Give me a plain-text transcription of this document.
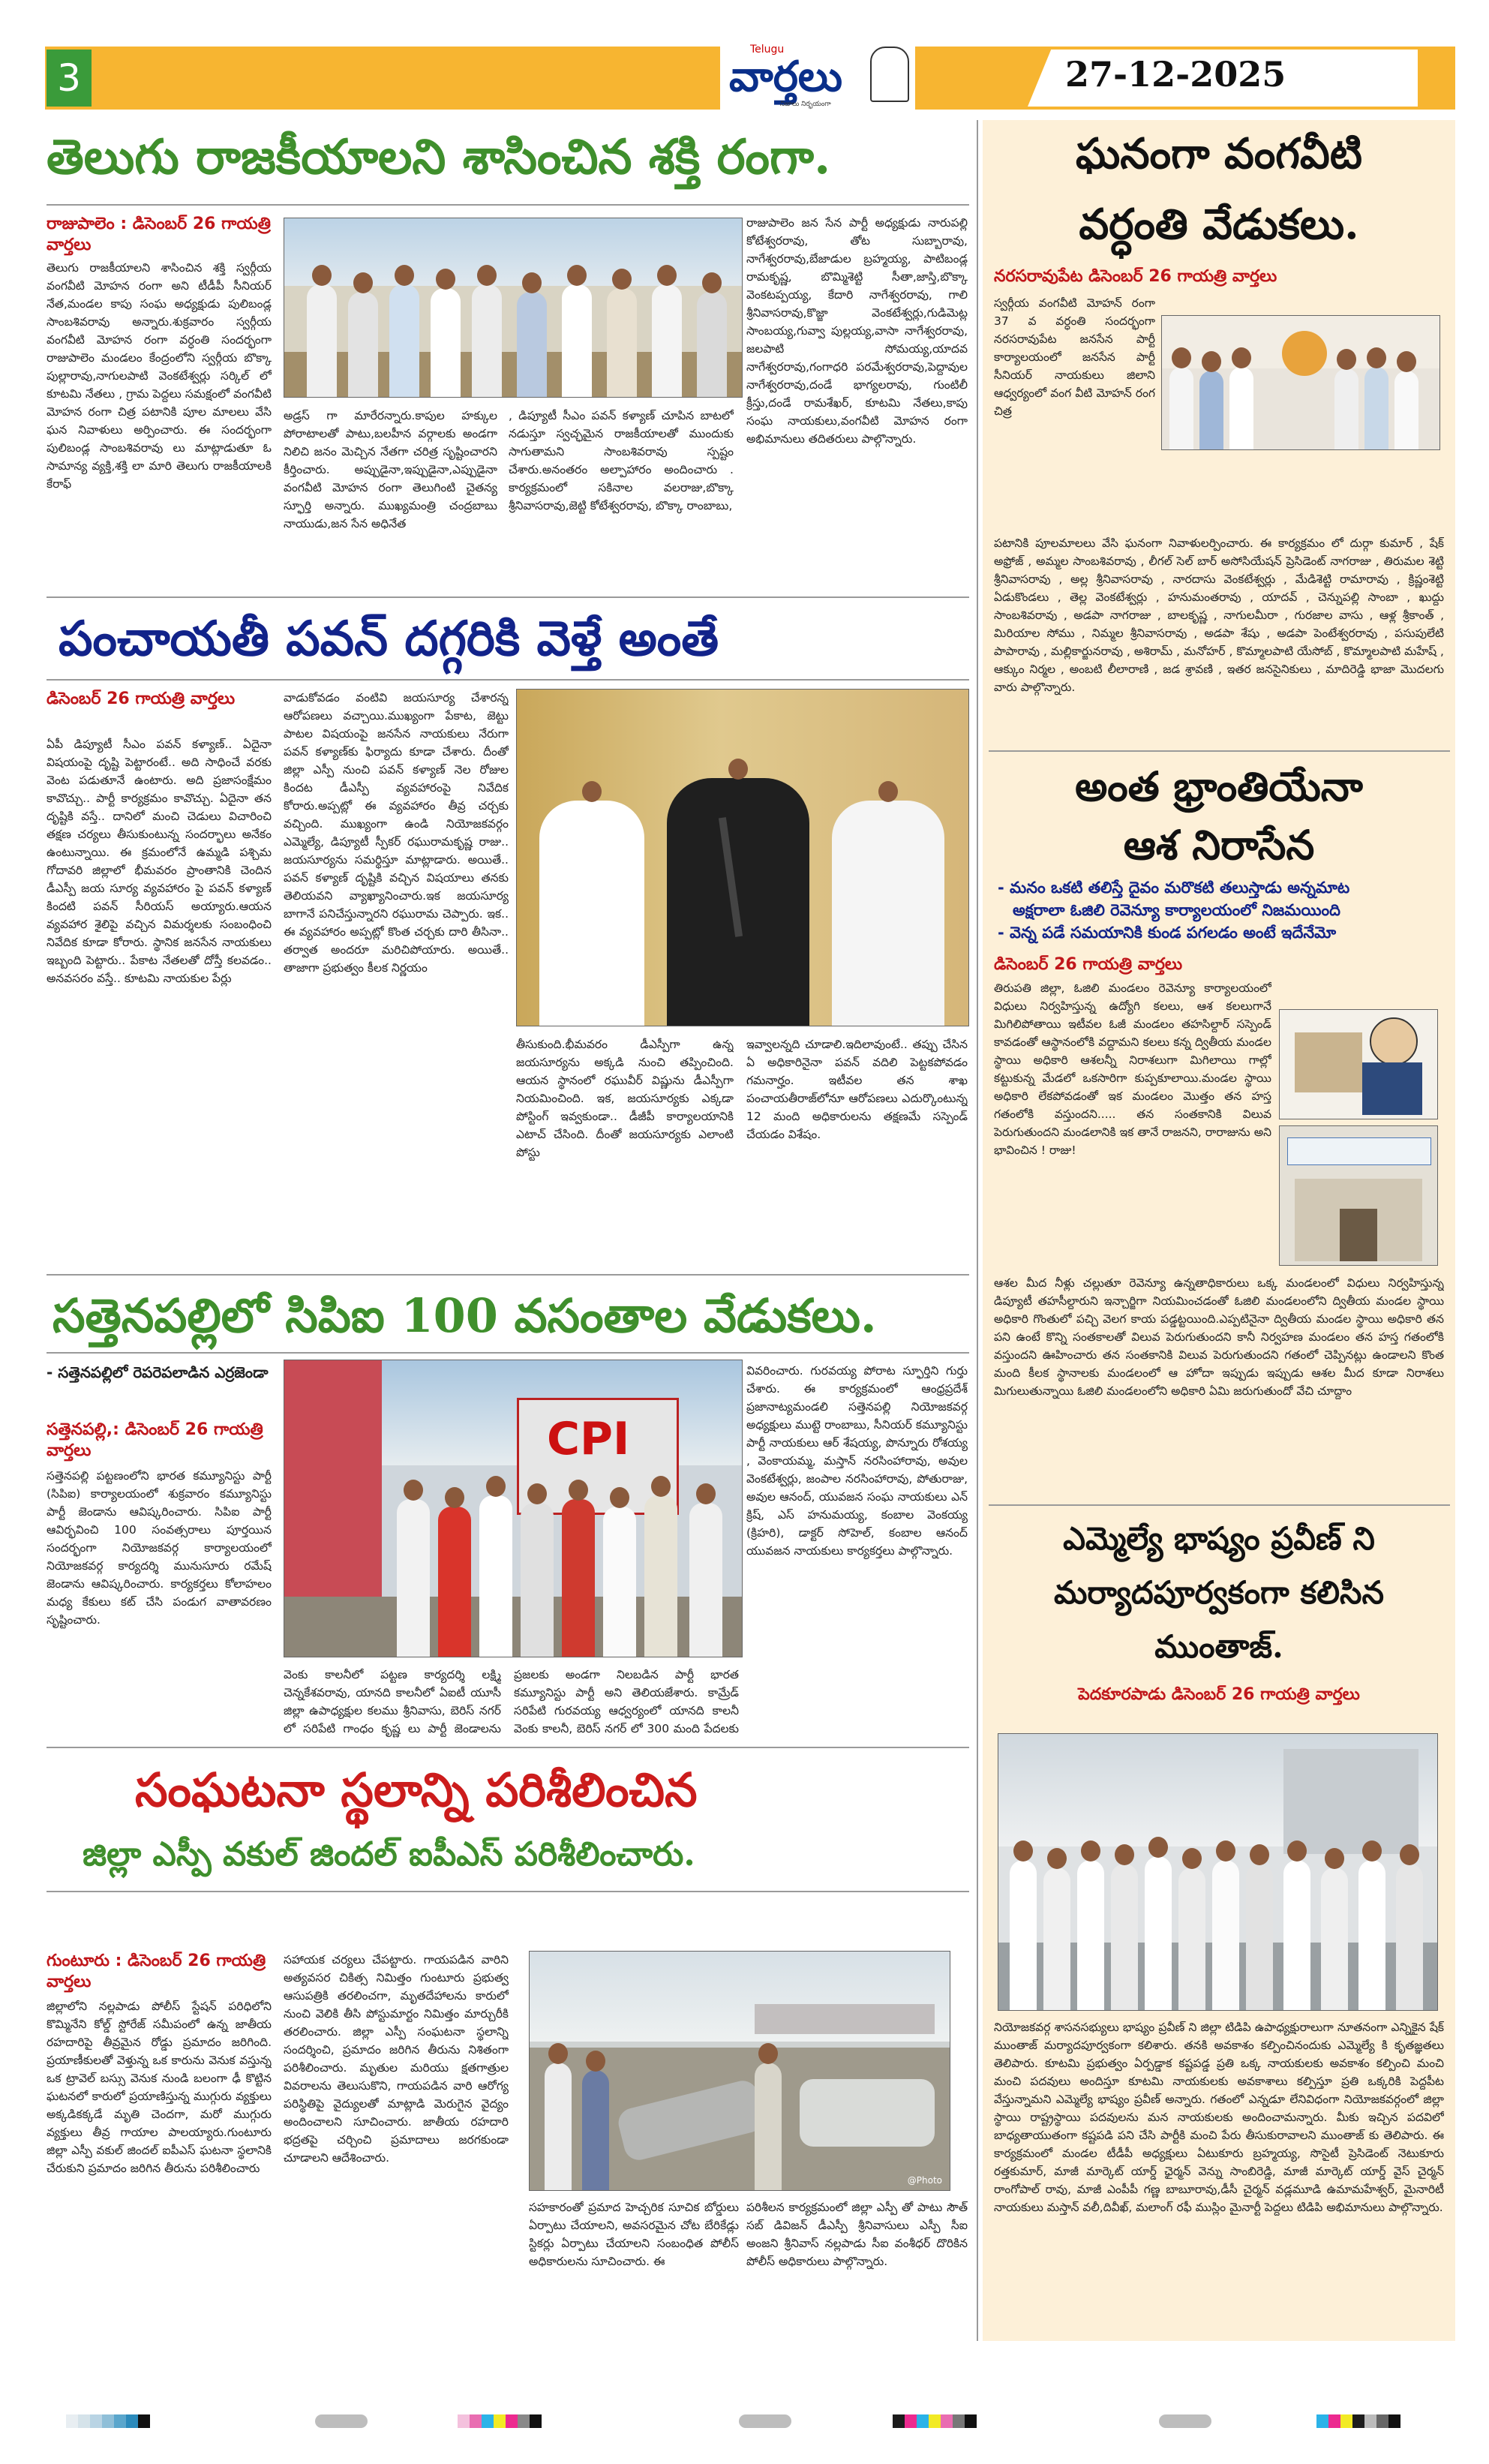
3
Telugu
వార్తలు
నిజాలు నిర్భయంగా
27-12-2025
తెలుగు రాజకీయాలని శాసించిన శక్తి రంగా.
రాజుపాలెం : డిసెంబర్ 26 గాయత్రి వార్తలు
తెలుగు రాజకీయాలని శాసించిన శక్తి స్వర్గీయ వంగవీటి మోహన రంగా అని టీడీపీ సీనియర్ నేత,మండల కాపు సంఘ అధ్యక్షుడు పులిబండ్ల సాంబశివరావు అన్నారు.శుక్రవారం స్వర్గీయ వంగవీటి మోహన రంగా వర్ధంతి సందర్భంగా రాజుపాలెం మండలం కేంద్రంలోని స్వర్గీయ బొక్కా పుల్లారావు,నాగులపాటి వెంకటేశ్వర్లు సర్కిల్ లో కూటమి నేతలు , గ్రామ పెద్దలు సమక్షంలో వంగవీటి మోహన రంగా చిత్ర పటానికి పూల మాలలు వేసి ఘన నివాళులు అర్పించారు. ఈ సందర్భంగా పులిబండ్ల సాంబశివరావు లు మాట్లాడుతూ ఓ సామాన్య వ్యక్తి,శక్తి లా మారి తెలుగు రాజకీయాలకి కేరాఫ్
అడ్రస్ గా మారేరన్నారు.కాపుల హక్కుల పోరాటాలతో పాటు,బలహీన వర్గాలకు అండగా నిలిచి జనం మెచ్చిన నేతగా చరిత్ర సృష్టించారని కీర్తించారు. అప్పుడైనా,ఇప్పుడైనా,ఎప్పుడైనా వంగవీటి మోహన రంగా తెలుగింటి చైతన్య స్ఫూర్తి అన్నారు. ముఖ్యమంత్రి చంద్రబాబు నాయుడు,జన సేన అధినేత
, డిప్యూటీ సీఎం పవన్ కళ్యాణ్ చూపిన బాటలో నడుస్తూ స్వచ్ఛమైన రాజకీయాలతో ముందుకు సాగుతామని సాంబశివరావు స్పష్టం చేశారు.అనంతరం అల్పాహారం అందించారు . కార్యక్రమంలో సకినాల వలరాజు,బొక్కా శ్రీనివాసరావు,జెట్టి కోటేశ్వరరావు, బొక్కా రాంబాబు,
రాజుపాలెం జన సేన పార్టీ అధ్యక్షుడు నారుపల్లి కోటేశ్వరరావు, తోట సుబ్బారావు, నాగేశ్వరరావు,బేజాడుల బ్రహ్మయ్య, పాటిబండ్ల రామకృష్ణ, బొమ్మిశెట్టి సీతా,జాస్తి,బొక్కా వెంకటప్పయ్య, కేదారి నాగేశ్వరరావు, గాలి శ్రీనివాసరావు,కొజ్జా వెంకటేశ్వర్లు,గుడిమెట్ల సాంబయ్య,గువ్వా పుల్లయ్య,వాసా నాగేశ్వరరావు, జలపాటి సోమయ్య,యాదవ నాగేశ్వరరావు,గంగాధరి పరమేశ్వరరావు,పెద్దావుల నాగేశ్వరరావు,దండే భాగ్యలరావు, గుంటిలీ క్రీస్తు,దండే రామశేఖర్, కూటమి నేతలు,కాపు సంఘ నాయకులు,వంగవీటి మోహన రంగా అభిమానులు తదితరులు పాల్గొన్నారు.
పంచాయతీ పవన్ దగ్గరికి వెళ్తే అంతే
డిసెంబర్ 26 గాయత్రి వార్తలు
ఏపీ డిప్యూటీ సీఎం పవన్ కళ్యాణ్.. ఏదైనా విషయంపై దృష్టి పెట్టారంటే.. అది సాధించే వరకు వెంట పడుతూనే ఉంటారు. అది ప్రజాసంక్షేమం కావొచ్చు.. పార్టీ కార్యక్రమం కావొచ్చు. ఏదైనా తన దృష్టికి వస్తే.. దానిలో మంచి చెడులు విచారించి తక్షణ చర్యలు తీసుకుంటున్న సందర్భాలు అనేకం ఉంటున్నాయి. ఈ క్రమంలోనే ఉమ్మడి పశ్చిమ గోదావరి జిల్లాలో భీమవరం ప్రాంతానికి చెందిన డీఎస్పీ జయ సూర్య వ్యవహారం పై పవన్ కళ్యాణ్ కిందటి పవన్ సీరియస్ అయ్యారు.ఆయన వ్యవహార శైలిపై వచ్చిన విమర్శలకు సంబంధించి నివేదిక కూడా కోరారు. స్థానిక జనసేన నాయకులు ఇబ్బంది పెట్టారు.. పేకాట నేతలతో దోస్తీ కలవడం.. అనవసరం వస్తే.. కూటమి నాయకుల పేర్లు
వాడుకోవడం వంటివి జయసూర్య చేశారన్న ఆరోపణలు వచ్చాయి.ముఖ్యంగా పేకాట, జెట్టు పాటల విషయంపై జనసేన నాయకులు నేరుగా పవన్ కళ్యాణ్‌కు ఫిర్యాదు కూడా చేశారు. దీంతో జిల్లా ఎస్పీ నుంచి పవన్ కళ్యాణ్ నెల రోజుల కిందట డీఎస్పీ వ్యవహారంపై నివేదిక కోరారు.అప్పట్లో ఈ వ్యవహారం తీవ్ర చర్చకు వచ్చింది. ముఖ్యంగా ఉండి నియోజకవర్గం ఎమ్మెల్యే, డిప్యూటీ స్పీకర్ రఘురామకృష్ణ రాజు.. జయసూర్యను సమర్థిస్తూ మాట్లాడారు. అయితే.. పవన్ కళ్యాణ్ దృష్టికి వచ్చిన విషయాలు తనకు తెలియవని వ్యాఖ్యానించారు.ఇక జయసూర్య బాగానే పనిచేస్తున్నారని రఘురామ చెప్పారు. ఇక.. ఈ వ్యవహారం అప్పట్లో కొంత చర్చకు దారి తీసినా.. తర్వాత అందరూ మరిచిపోయారు. అయితే.. తాజాగా ప్రభుత్వం కీలక నిర్ణయం
తీసుకుంది.భీమవరం డీఎస్పీగా ఉన్న జయసూర్యను అక్కడి నుంచి తప్పించింది. ఆయన స్థానంలో రఘువీర్ విష్ణును డీఎస్పీగా నియమించింది. ఇక, జయసూర్యకు ఎక్కడా పోస్టింగ్ ఇవ్వకుండా.. డీజీపీ కార్యాలయానికి ఎటాచ్ చేసింది. దీంతో జయసూర్యకు ఎలాంటి పోస్టు
ఇవ్వాలన్నది చూడాలి.ఇదిలావుంటే.. తప్పు చేసిన ఏ అధికారినైనా పవన్ వదిలి పెట్టకపోవడం గమనార్హం. ఇటీవల తన శాఖ పంచాయతీరాజ్‌లోనూ ఆరోపణలు ఎదుర్కొంటున్న 12 మంది అధికారులను తక్షణమే సస్పెండ్ చేయడం విశేషం.
సత్తెనపల్లిలో సిపిఐ 100 వసంతాల వేడుకలు.
- సత్తెనపల్లిలో రెపరెపలాడిన ఎర్రజెండా
సత్తెనపల్లి,: డిసెంబర్ 26 గాయత్రి వార్తలు
సత్తెనపల్లి పట్టణంలోని భారత కమ్యూనిస్టు పార్టీ (సిపిఐ) కార్యాలయంలో శుక్రవారం కమ్యూనిస్టు పార్టీ జెండాను ఆవిష్కరించారు. సిపిఐ పార్టీ ఆవిర్భవించి 100 సంవత్సరాలు పూర్తయిన సందర్భంగా నియోజకవర్గ కార్యాలయంలో నియోజకవర్గ కార్యదర్శి మునుసూరు రమేష్ జెండాను ఆవిష్కరించారు. కార్యకర్తలు కోలాహలం మధ్య కేకులు కట్ చేసి పండుగ వాతావరణం సృష్టించారు.
CPI
వెంకు కాలనీలో పట్టణ కార్యదర్శి లక్ష్మి చెన్నకేశవరావు, యానది కాలనీలో ఏఐటీ యూసీ జిల్లా ఉపాధ్యక్షుల కలము శ్రీనివాసు, బెరిస్ నగర్ లో సరిపేటి గాంధం కృష్ణ లు పార్టీ జెండాలను
ప్రజలకు అండగా నిలబడిన పార్టీ భారత కమ్యూనిస్టు పార్టీ అని తెలియజేశారు. కామ్రేడ్ సరిపేటి గురవయ్య ఆధ్వర్యంలో యానది కాలనీ వెంకు కాలనీ, బెరిస్ నగర్ లో 300 మంది పేదలకు
వివరించారు. గురవయ్య పోరాట స్ఫూర్తిని గుర్తు చేశారు. ఈ కార్యక్రమంలో ఆంధ్రప్రదేశ్ ప్రజానాట్యమండలి సత్తెనపల్లి నియోజకవర్గ అధ్యక్షులు ముట్టె రాంబాబు, సీనియర్ కమ్యూనిస్టు పార్టీ నాయకులు ఆర్ శేషయ్య, పొన్నూరు రోశయ్య , వెంకాయమ్మ, మస్తాన్ నరసింహారావు, అవుల వెంకటేశ్వర్లు, జంపాల నరసింహారావు, పోతురాజు, అవుల ఆనంద్, యువజన సంఘ నాయకులు ఎన్ క్రిష్, ఎస్ హనుమయ్య, కంబాల వెంకయ్య (క్రిహరి), డాక్టర్ సోహెల్, కంబాల ఆనంద్ యువజన నాయకులు కార్యకర్తలు పాల్గొన్నారు.
సంఘటనా స్థలాన్ని పరిశీలించిన
జిల్లా ఎస్పీ వకుల్ జిందల్ ఐపీఎస్ పరిశీలించారు.
గుంటూరు : డిసెంబర్ 26 గాయత్రి వార్తలు
జిల్లాలోని నల్లపాడు పోలీస్ స్టేషన్ పరిధిలోని కొమ్మినేని కోల్డ్ స్టోరేజ్ సమీపంలో ఉన్న జాతీయ రహదారిపై తీవ్రమైన రోడ్డు ప్రమాదం జరిగింది. ప్రయాణీకులతో వెళ్తున్న ఒక కారును వెనుక వస్తున్న ఒక ట్రావెల్ బస్సు వెనుక నుండి బలంగా ఢీ కొట్టిన ఘటనలో కారులో ప్రయాణిస్తున్న ముగ్గురు వ్యక్తులు అక్కడికక్కడే మృతి చెందగా, మరో ముగ్గురు వ్యక్తులు తీవ్ర గాయాల పాలయ్యారు.గుంటూరు జిల్లా ఎస్పీ వకుల్ జిందల్ ఐపీఎస్ ఘటనా స్థలానికి చేరుకుని ప్రమాదం జరిగిన తీరును పరిశీలించారు
సహాయక చర్యలు చేపట్టారు. గాయపడిన వారిని అత్యవసర చికిత్స నిమిత్తం గుంటూరు ప్రభుత్వ ఆసుపత్రికి తరలించగా, మృతదేహాలను కారులో నుంచి వెలికి తీసి పోస్టుమార్టం నిమిత్తం మార్చురీకి తరలించారు. జిల్లా ఎస్పీ సంఘటనా స్థలాన్ని సందర్శించి, ప్రమాదం జరిగిన తీరును నిశితంగా పరిశీలించారు. మృతుల మరియు క్షతగాత్రుల వివరాలను తెలుసుకొని, గాయపడిన వారి ఆరోగ్య పరిస్థితిపై వైద్యులతో మాట్లాడి మెరుగైన వైద్యం అందించాలని సూచించారు. జాతీయ రహదారి భద్రతపై చర్చించి ప్రమాదాలు జరగకుండా చూడాలని ఆదేశించారు.
@Photo
సహకారంతో ప్రమాద హెచ్చరిక సూచిక బోర్డులు ఏర్పాటు చేయాలని, అవసరమైన చోట బేరికేడ్లు స్టికర్లు ఏర్పాటు చేయాలని సంబంధిత పోలీస్ అధికారులను సూచించారు. ఈ
పరిశీలన కార్యక్రమంలో జిల్లా ఎస్పీ తో పాటు సౌత్ సబ్ డివిజన్ డీఎస్పీ శ్రీనివాసులు ఎస్పీ సీఐ అంజని శ్రీనివాస్ నల్లపాడు సీఐ వంశీధర్ దొరికిన పోలీస్ అధికారులు పాల్గొన్నారు.
ఘనంగా వంగవీటి
వర్ధంతి వేడుకలు.
నరసరావుపేట డిసెంబర్ 26 గాయత్రి వార్తలు
స్వర్గీయ వంగవీటి మోహన్ రంగా 37 వ వర్ధంతి సందర్భంగా నరసరావుపేట జనసేన పార్టీ కార్యాలయంలో జనసేన పార్టీ సీనియర్ నాయకులు జిలాని ఆధ్వర్యంలో వంగ వీటి మోహన్ రంగ చిత్ర
పటానికి పూలమాలలు వేసి ఘనంగా నివాళులర్పించారు. ఈ కార్యక్రమం లో దుర్గా కుమార్ , షేక్ అఫ్రోజ్ , అమ్మల సాంబశివరావు , లీగల్ సెల్ బార్ అసోసియేషన్ ప్రెసిడెంట్ నాగరాజు , తిరుమల శెట్టి శ్రీనివాసరావు , అల్ల శ్రీనివాసరావు , నారదాసు వెంకటేశ్వర్లు , మేడిశెట్టి రామారావు , క్రిష్ణంశెట్టి ఏడుకొండలు , తెల్ల వెంకటేశ్వర్లు , హనుమంతరావు , యాదవ్ , చెన్నుపల్లి సాంబా , ఖుద్దు సాంబశివరావు , అడపా నాగరాజు , బాలకృష్ణ , నాగులమీరా , గురజాల వాసు , ఆళ్ల శ్రీకాంత్ , మిరియాల సోము , నిమ్మల శ్రీనివాసరావు , అడపా శేషు , అడపా పెంటేశ్వరరావు , పసుపులేటి పాపారావు , మల్లికార్జునరావు , అశిరామ్ , మనోహర్ , కొమ్మాలపాటి యేసోబ్ , కొమ్మాలపాటి మహేష్ , ఆక్కుం నిర్మల , అంబటి లీలారాణి , జడ శ్రావణి , ఇతర జనసైనికులు , మాదిరెడ్డి భాజా మొదలగు వారు పాల్గొన్నారు.
అంత భ్రాంతియేనా
ఆశ నిరాసేన
- మనం ఒకటి తలిస్తే దైవం మరొకటి తలుస్తాడు అన్నమాట
అక్షరాలా ఓజిలి రెవెన్యూ కార్యాలయంలో నిజమయింది
- వెన్న పడే సమయానికి కుండ పగలడం అంటే ఇదేనేమో
డిసెంబర్ 26 గాయత్రి వార్తలు
తిరుపతి జిల్లా, ఓజిలి మండలం రెవెన్యూ కార్యాలయంలో విధులు నిర్వహిస్తున్న ఉద్యోగి కలలు, ఆశ కలలుగానే మిగిలిపోతాయి ఇటీవల ఓజీ మండలం తహసిల్దార్ సస్పెండ్ కావడంతో ఆస్థానంలోకి వద్దామని కలలు కన్న ద్వితీయ మండల స్థాయి అధికారి ఆశలన్నీ నిరాశలుగా మిగిలాయి గాల్లో కట్టుకున్న మేడలో ఒకసారిగా కుప్పకూలాయి.మండల స్థాయి అధికారి లేకపోవడంతో ఇక మండలం మొత్తం తన హస్త గతంలోకి వస్తుందని..... తన సంతకానికి విలువ పెరుగుతుందని మండలానికి ఇక తానే రాజనని, రారాజును అని భావించిన ! రాజు!
ఆశల మీద నీళ్లు చల్లుతూ రెవెన్యూ ఉన్నతాధికారులు ఒక్క మండలంలో విధులు నిర్వహిస్తున్న డిప్యూటీ తహసీల్దారుని ఇన్చార్జిగా నియమించడంతో ఓజిలి మండలంలోని ద్వితీయ మండల స్థాయి అధికారి గొంతులో పచ్చి వెలగ కాయ పడ్డట్టయింది.ఎప్పటినైనా ద్వితీయ మండల స్థాయి అధికారి తన పని ఉంటే కొన్ని సంతకాలతో విలువ పెరుగుతుందని కానీ నిర్వహణ మండలం తన హస్త గతంలోకి వస్తుందని ఊహించారు తన సంతకానికి విలువ పెరుగుతుందని గతంలో చెప్పినట్లు ఉండాలని కొంత మంది కీలక స్థానాలకు మండలంలో ఆ హోదా ఇప్పుడు ఇప్పుడు ఆశల మీద కూడా నిరాశలు మిగులుతున్నాయి ఓజిలి మండలంలోని అధికారి ఏమి జరుగుతుందో వేచి చూద్దాం
ఎమ్మెల్యే భాష్యం ప్రవీణ్ ని
మర్యాదపూర్వకంగా కలిసిన
ముంతాజ్.
పెదకూరపాడు డిసెంబర్ 26 గాయత్రి వార్తలు
నియోజకవర్గ శాసనసభ్యులు భాష్యం ప్రవీణ్ ని జిల్లా టిడిపి ఉపాధ్యక్షురాలుగా నూతనంగా ఎన్నికైన షేక్ ముంతాజ్ మర్యాదపూర్వకంగా కలిశారు. తనకి అవకాశం కల్పించినందుకు ఎమ్మెల్యే కి కృతజ్ఞతలు తెలిపారు. కూటమి ప్రభుత్వం ఏర్పడ్డాక కష్టపడ్డ ప్రతి ఒక్క నాయకులకు అవకాశం కల్పించి మంచి మంచి పదవులు అందిస్తూ కూటమి నాయకులకు అవకాశాలు కల్పిస్తూ ప్రతి ఒక్కరికి పెద్దపీట వేస్తున్నామని ఎమ్మెల్యే భాష్యం ప్రవీణ్ అన్నారు. గతంలో ఎన్నడూ లేనివిధంగా నియోజకవర్గంలో జిల్లా స్థాయి రాష్ట్రస్థాయి పదవులను మన నాయకులకు అందించామన్నారు. మీకు ఇచ్చిన పదవిలో బాధ్యతాయుతంగా కష్టపడి పని చేసి పార్టీకి మంచి పేరు తీసుకురావాలని ముంతాజ్ కు తెలిపారు. ఈ కార్యక్రమంలో మండల టీడీపీ అధ్యక్షులు ఏటుకూరు బ్రహ్మయ్య, సొసైటీ ప్రెసిడెంట్ నెటుకూరు రత్తకుమార్, మాజీ మార్కెట్ యార్డ్ ఛైర్మన్ వెన్ను సాంబిరెడ్డి, మాజీ మార్కెట్ యార్డ్ వైస్ చైర్మన్ రాంగోపాల్ రావు, మాజీ ఎంపీపీ గణ్ణ బాబూరావు,డీసీ చైర్మన్ వడ్లమూడి ఉమామహేశ్వర్, మైనారిటీ నాయకులు మస్తాన్ వలీ,దివీఖ్, మలాంగ్ రఫీ ముస్లిం మైనార్టీ పెద్దలు టిడిపి అభిమానులు పాల్గొన్నారు.
